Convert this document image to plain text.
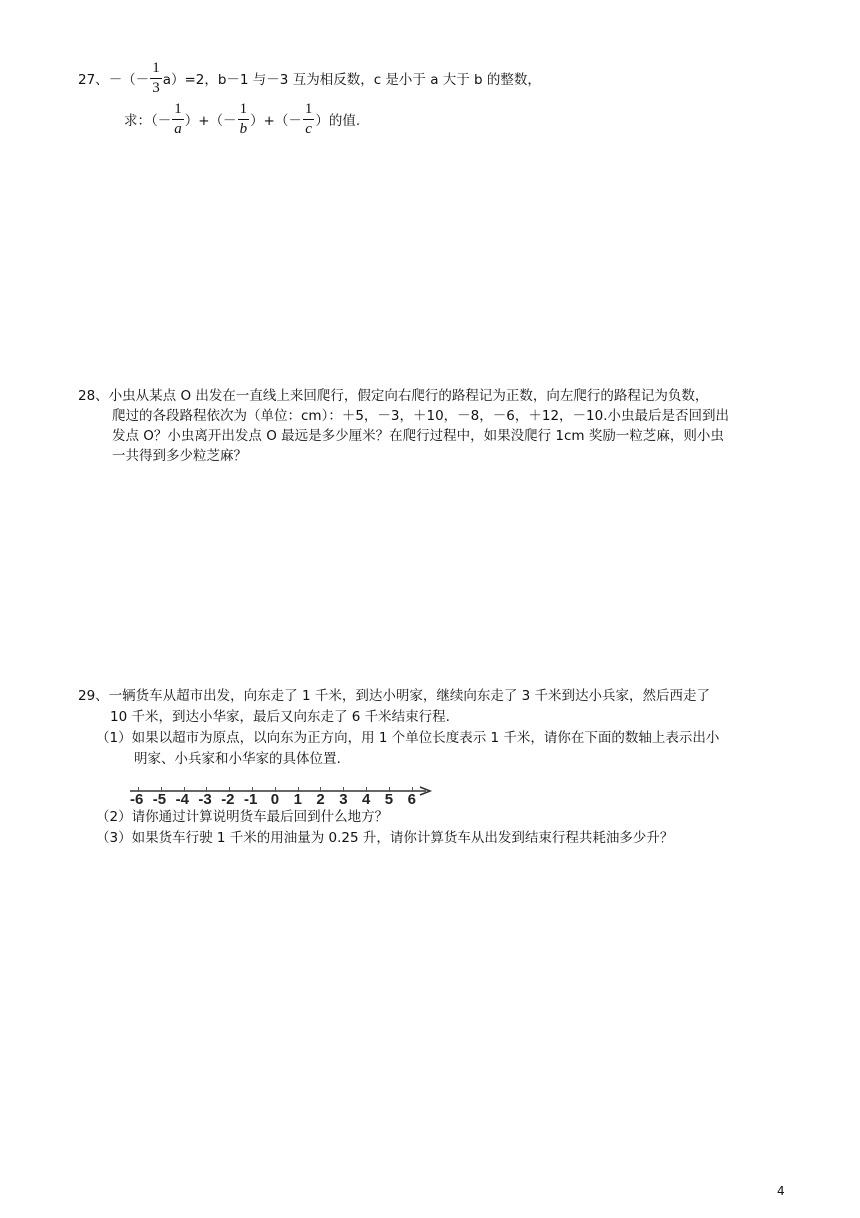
27、 －（－ $\frac{1}{3} a)=2$，b－1 与－3 互为相反数，c 是小于 a 大于 b 的整数，
求：（－ $\frac{1}{a}$ ）+（－ $\frac{1}{b}$ ）+（－ $\frac{1}{c}$ ）的值.
28、小虫从某点 O 出发在一直线上来回爬行，假定向右爬行的路程记为正数，向左爬行的路程记为负数，
爬过的各段路程依次为（单位：cm）：＋5，－3，＋10，－8，－6，＋12，－10.小虫最后是否回到出
发点 O？小虫离开出发点 O 最远是多少厘米？在爬行过程中，如果没爬行 1cm 奖励一粒芝麻，则小虫
一共得到多少粒芝麻？
29、一辆货车从超市出发，向东走了 1 千米，到达小明家，继续向东走了 3 千米到达小兵家，然后西走了
10 千米，到达小华家，最后又向东走了 6 千米结束行程.
（1）如果以超市为原点，以向东为正方向，用 1 个单位长度表示 1 千米，请你在下面的数轴上表示出小
明家、小兵家和小华家的具体位置.
（2）请你通过计算说明货车最后回到什么地方？
（3）如果货车行驶 1 千米的用油量为 0.25 升，请你计算货车从出发到结束行程共耗油多少升？
-6 -5 -4 -3 -2 -1 0 1 2 3 4 5 6
4
